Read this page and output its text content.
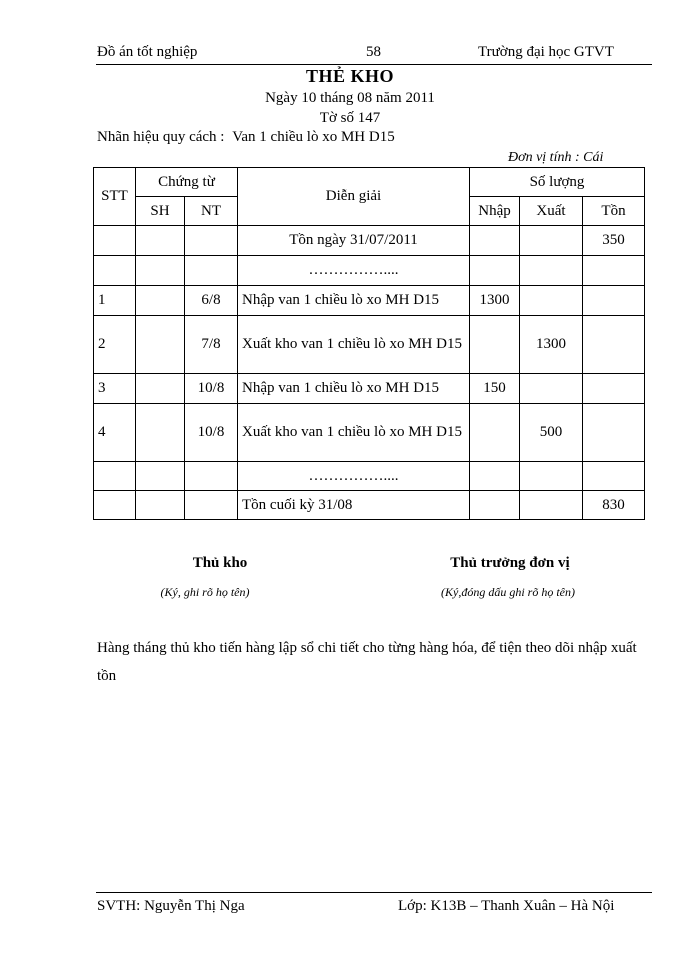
Đồ án tốt nghiệp	58	Trường đại học GTVT
THẺ KHO
Ngày 10 tháng 08 năm 2011
Tờ số 147
Nhãn hiệu quy cách : Van 1 chiều lò xo MH D15
Đơn vị tính : Cái
STT	Chứng từ		Diễn giải	Số lượng		
	SH	NT		Nhập	Xuất	Tồn
			Tồn ngày 31/07/2011			350
			……………....			
1		6/8	Nhập van 1 chiều lò xo MH D15	1300		
2		7/8	Xuất kho van 1 chiều lò xo MH D15		1300	
3		10/8	Nhập van 1 chiều lò xo MH D15	150		
4		10/8	Xuất kho van 1 chiều lò xo MH D15		500	
			……………....			
			Tồn cuối kỳ 31/08			830
Thủ kho
(Ký, ghi rõ họ tên)
Thủ trưởng đơn vị
(Ký,đóng dấu ghi rõ họ tên)
Hàng tháng thủ kho tiến hàng lập sổ chi tiết cho từng hàng hóa, để tiện theo dõi nhập xuất tồn
SVTH: Nguyễn Thị Nga	Lớp: K13B – Thanh Xuân – Hà Nội
